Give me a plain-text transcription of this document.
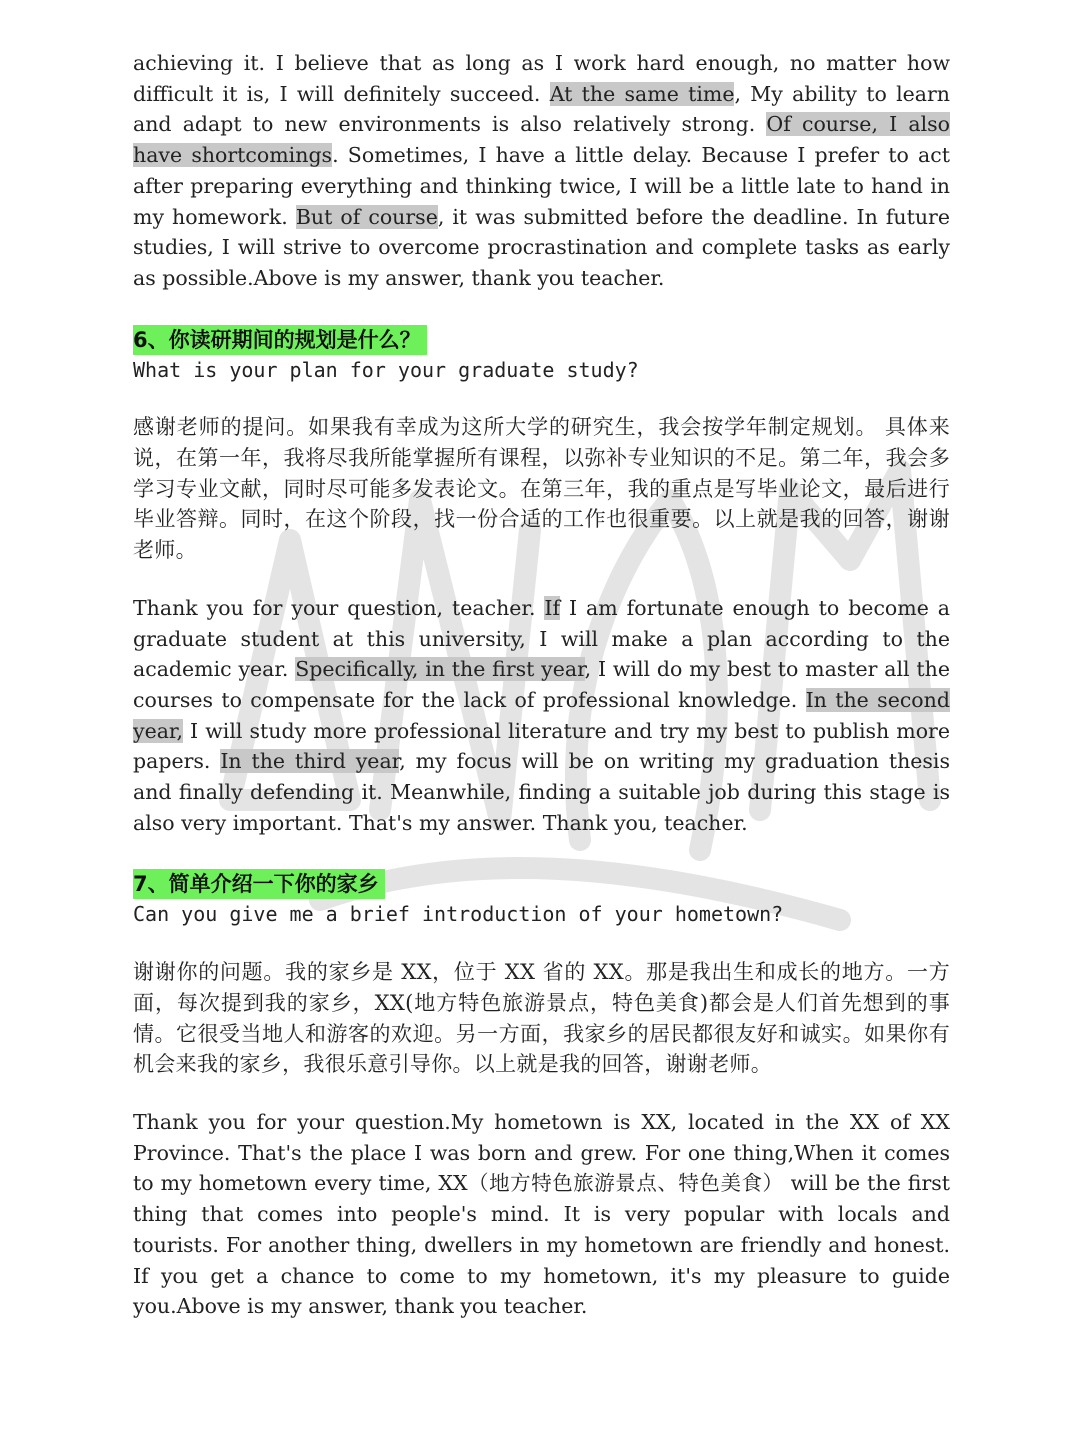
achieving it. I believe that as long as I work hard enough, no matter how difficult it is, I will definitely succeed. At the same time, My ability to learn and adapt to new environments is also relatively strong. Of course, I also have shortcomings. Sometimes, I have a little delay. Because I prefer to act after preparing everything and thinking twice, I will be a little late to hand in my homework. But of course, it was submitted before the deadline. In future studies, I will strive to overcome procrastination and complete tasks as early as possible.Above is my answer, thank you teacher.

6、你读研期间的规划是什么？

What is your plan for your graduate study?

感谢老师的提问。如果我有幸成为这所大学的研究生，我会按学年制定规划。 具体来说，在第一年，我将尽我所能掌握所有课程，以弥补专业知识的不足。第二年，我会多学习专业文献，同时尽可能多发表论文。在第三年，我的重点是写毕业论文，最后进行毕业答辩。同时，在这个阶段，找一份合适的工作也很重要。以上就是我的回答，谢谢老师。

Thank you for your question, teacher. If I am fortunate enough to become a graduate student at this university, I will make a plan according to the academic year. Specifically, in the first year, I will do my best to master all the courses to compensate for the lack of professional knowledge. In the second year, I will study more professional literature and try my best to publish more papers. In the third year, my focus will be on writing my graduation thesis and finally defending it. Meanwhile, finding a suitable job during this stage is also very important. That's my answer. Thank you, teacher.

7、简单介绍一下你的家乡

Can you give me a brief introduction of your hometown?

谢谢你的问题。我的家乡是 XX，位于 XX 省的 XX。那是我出生和成长的地方。一方面，每次提到我的家乡，XX(地方特色旅游景点，特色美食)都会是人们首先想到的事情。它很受当地人和游客的欢迎。另一方面，我家乡的居民都很友好和诚实。如果你有机会来我的家乡，我很乐意引导你。以上就是我的回答，谢谢老师。

Thank you for your question.My hometown is XX, located in the XX of XX Province. That's the place I was born and grew. For one thing,When it comes to my hometown every time, XX（地方特色旅游景点、特色美食） will be the first thing that comes into people's mind. It is very popular with locals and tourists. For another thing, dwellers in my hometown are friendly and honest. If you get a chance to come to my hometown, it's my pleasure to guide you.Above is my answer, thank you teacher.
